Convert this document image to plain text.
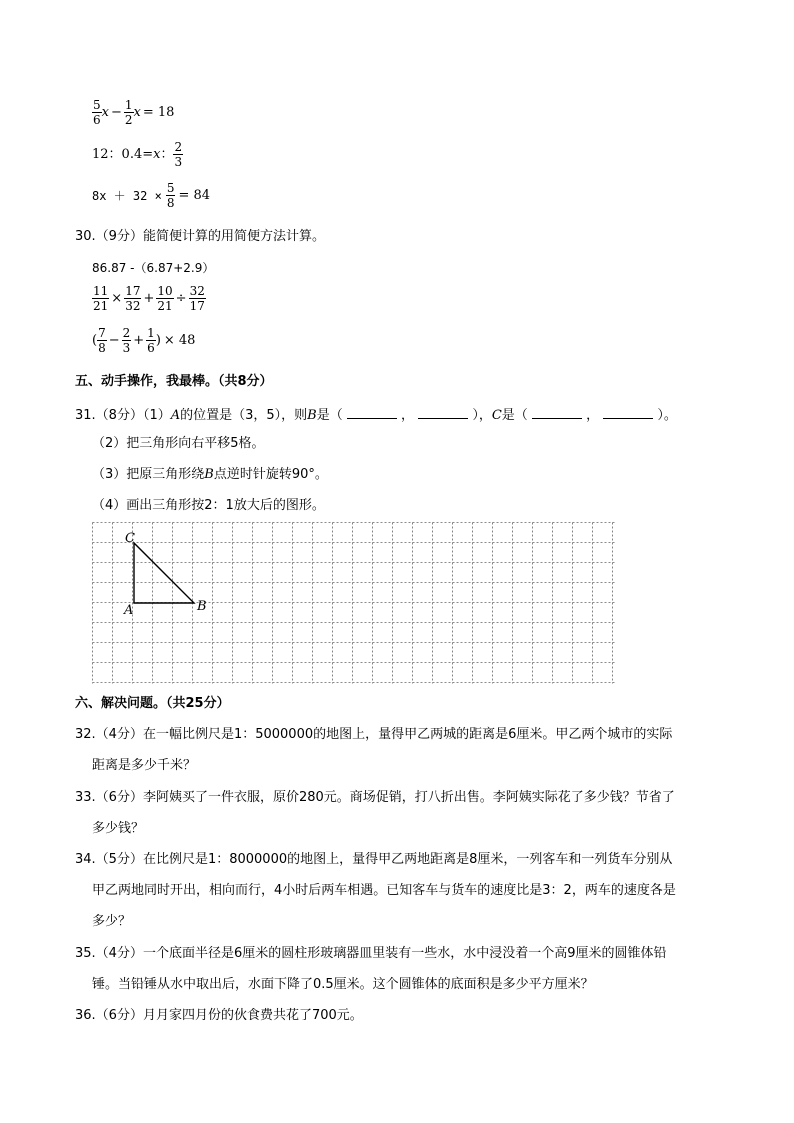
$\frac{5}{6}$ $x - \frac{1}{2}$ x = 18
12：0.4= x ： $\frac{2}{3}$
$8x + 32 \times \frac{5}{8} = 84$
30.（9分）能简便计算的用简便方法计算。
86.87 -（6.87+2.9）
$\frac{11}{21} \times \frac{17}{32} + \frac{10}{21} \div \frac{32}{17}$
( $\frac{7}{8} - \frac{2}{3} + \frac{1}{6}$ ) × 48
五、动手操作，我最棒。（共8分）
31.（8分）（1）A的位置是（3，5），则B是（	，	），C是（	，	）。
（2）把三角形向右平移5格。
（3）把原三角形绕B点逆时针旋转90°。
（4）画出三角形按2：1放大后的图形。
C
A	B
六、解决问题。（共25分）
32.（4分）在一幅比例尺是1：5000000的地图上，量得甲乙两城的距离是6厘米。甲乙两个城市的实际
距离是多少千米？
33.（6分）李阿姨买了一件衣服，原价280元。商场促销，打八折出售。李阿姨实际花了多少钱？节省了
多少钱？
34.（5分）在比例尺是1：8000000的地图上，量得甲乙两地距离是8厘米，一列客车和一列货车分别从
甲乙两地同时开出，相向而行，4小时后两车相遇。已知客车与货车的速度比是3：2，两车的速度各是
多少？
35.（4分）一个底面半径是6厘米的圆柱形玻璃器皿里装有一些水，水中浸没着一个高9厘米的圆锥体铅
锤。当铅锤从水中取出后，水面下降了0.5厘米。这个圆锥体的底面积是多少平方厘米？
36.（6分）月月家四月份的伙食费共花了700元。
